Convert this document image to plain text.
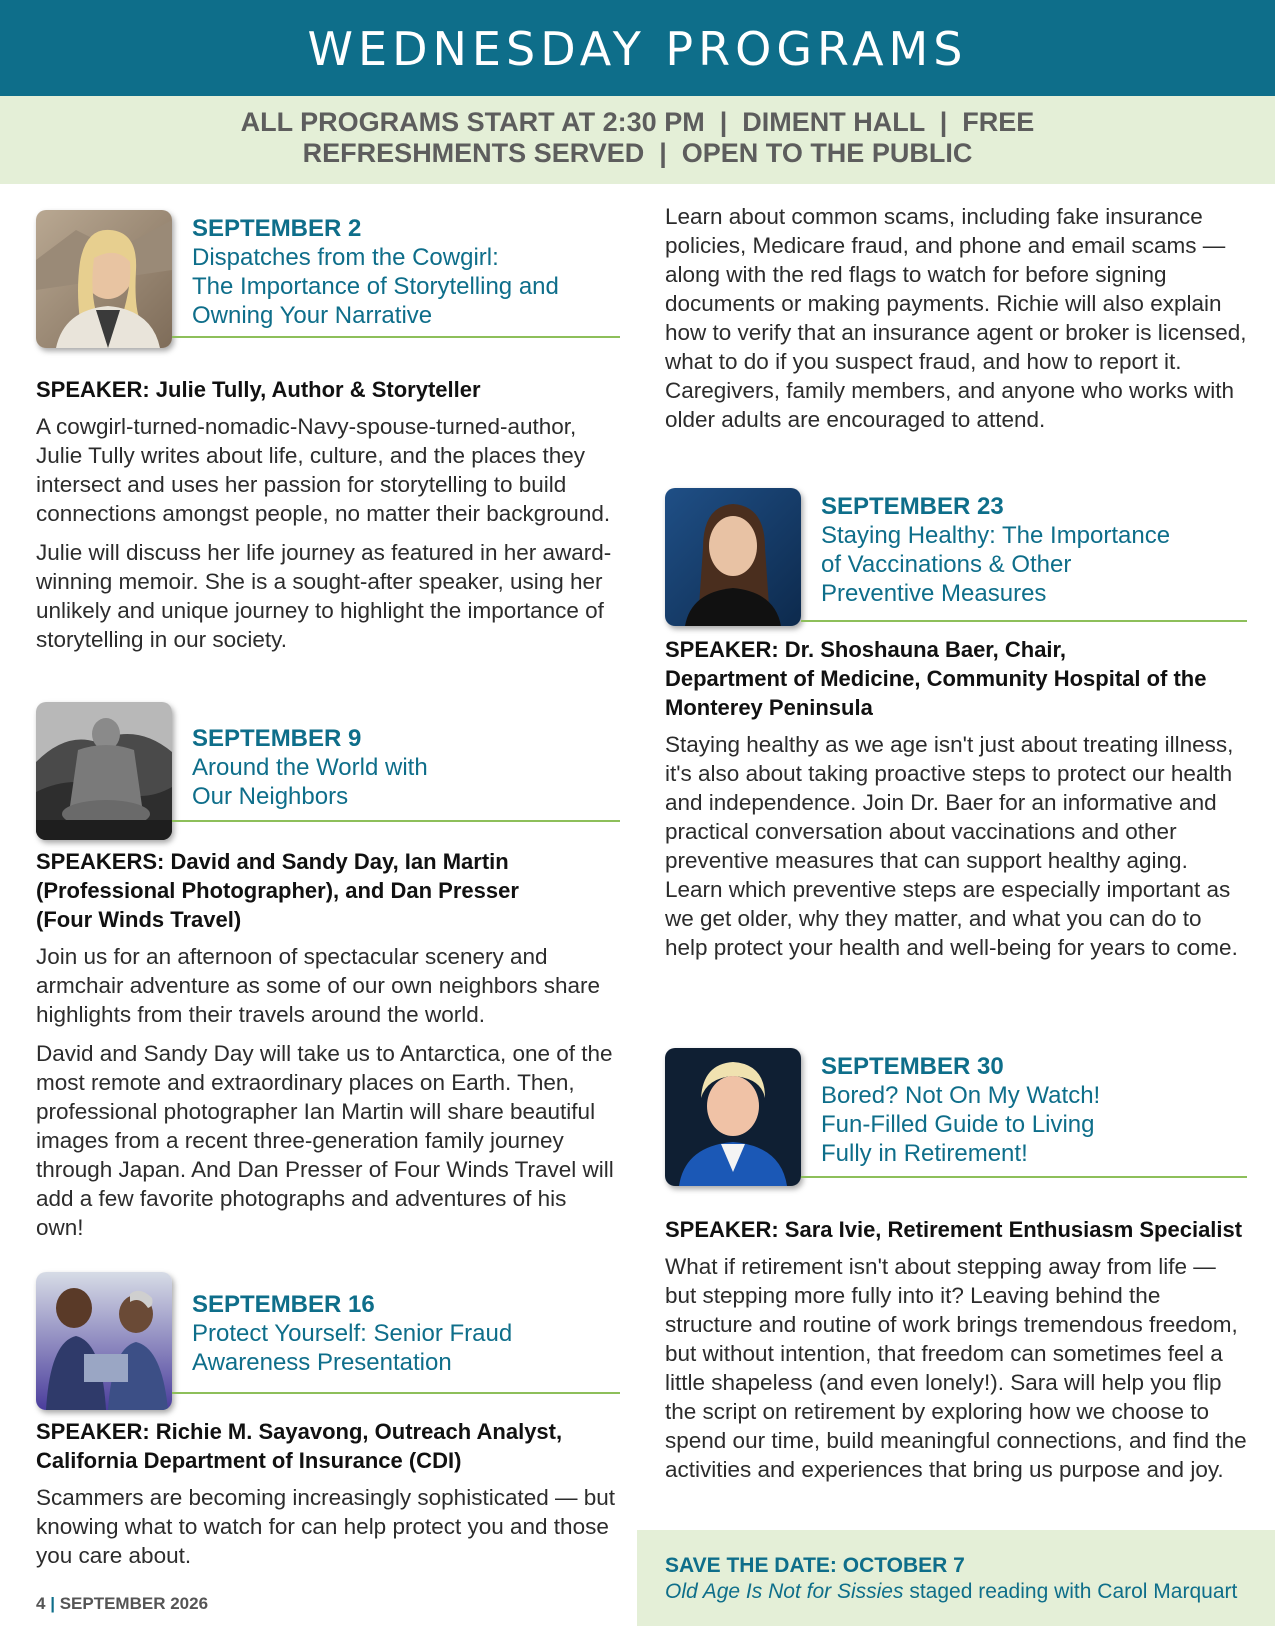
WEDNESDAY PROGRAMS
ALL PROGRAMS START AT 2:30 PM  |  DIMENT HALL  |  FREE
REFRESHMENTS SERVED  |  OPEN TO THE PUBLIC
SEPTEMBER 2
Dispatches from the Cowgirl:
The Importance of Storytelling and
Owning Your Narrative

SPEAKER: Julie Tully, Author & Storyteller

A cowgirl-turned-nomadic-Navy-spouse-turned-author, Julie Tully writes about life, culture, and the places they intersect and uses her passion for storytelling to build connections amongst people, no matter their background.

Julie will discuss her life journey as featured in her award-winning memoir. She is a sought-after speaker, using her unlikely and unique journey to highlight the importance of storytelling in our society.

SEPTEMBER 9
Around the World with
Our Neighbors

SPEAKERS: David and Sandy Day, Ian Martin

(Professional Photographer), and Dan Presser

(Four Winds Travel)

Join us for an afternoon of spectacular scenery and armchair adventure as some of our own neighbors share highlights from their travels around the world.

David and Sandy Day will take us to Antarctica, one of the most remote and extraordinary places on Earth. Then, professional photographer Ian Martin will share beautiful images from a recent three-generation family journey through Japan. And Dan Presser of Four Winds Travel will add a few favorite photographs and adventures of his own!

SEPTEMBER 16
Protect Yourself: Senior Fraud
Awareness Presentation

SPEAKER: Richie M. Sayavong, Outreach Analyst,

California Department of Insurance (CDI)

Scammers are becoming increasingly sophisticated — but knowing what to watch for can help protect you and those you care about.

Learn about common scams, including fake insurance policies, Medicare fraud, and phone and email scams — along with the red flags to watch for before signing documents or making payments. Richie will also explain how to verify that an insurance agent or broker is licensed, what to do if you suspect fraud, and how to report it. Caregivers, family members, and anyone who works with older adults are encouraged to attend.

SEPTEMBER 23
Staying Healthy: The Importance
of Vaccinations & Other
Preventive Measures

SPEAKER: Dr. Shoshauna Baer, Chair,

Department of Medicine, Community Hospital of the

Monterey Peninsula

Staying healthy as we age isn't just about treating illness, it's also about taking proactive steps to protect our health and independence. Join Dr. Baer for an informative and practical conversation about vaccinations and other preventive measures that can support healthy aging. Learn which preventive steps are especially important as we get older, why they matter, and what you can do to help protect your health and well-being for years to come.

SEPTEMBER 30
Bored? Not On My Watch!
Fun-Filled Guide to Living
Fully in Retirement!

SPEAKER: Sara Ivie, Retirement Enthusiasm Specialist

What if retirement isn't about stepping away from life — but stepping more fully into it? Leaving behind the structure and routine of work brings tremendous freedom, but without intention, that freedom can sometimes feel a little shapeless (and even lonely!). Sara will help you flip the script on retirement by exploring how we choose to spend our time, build meaningful connections, and find the activities and experiences that bring us purpose and joy.

SAVE THE DATE: OCTOBER 7
Old Age Is Not for Sissies staged reading with Carol Marquart
4 | SEPTEMBER 2026
